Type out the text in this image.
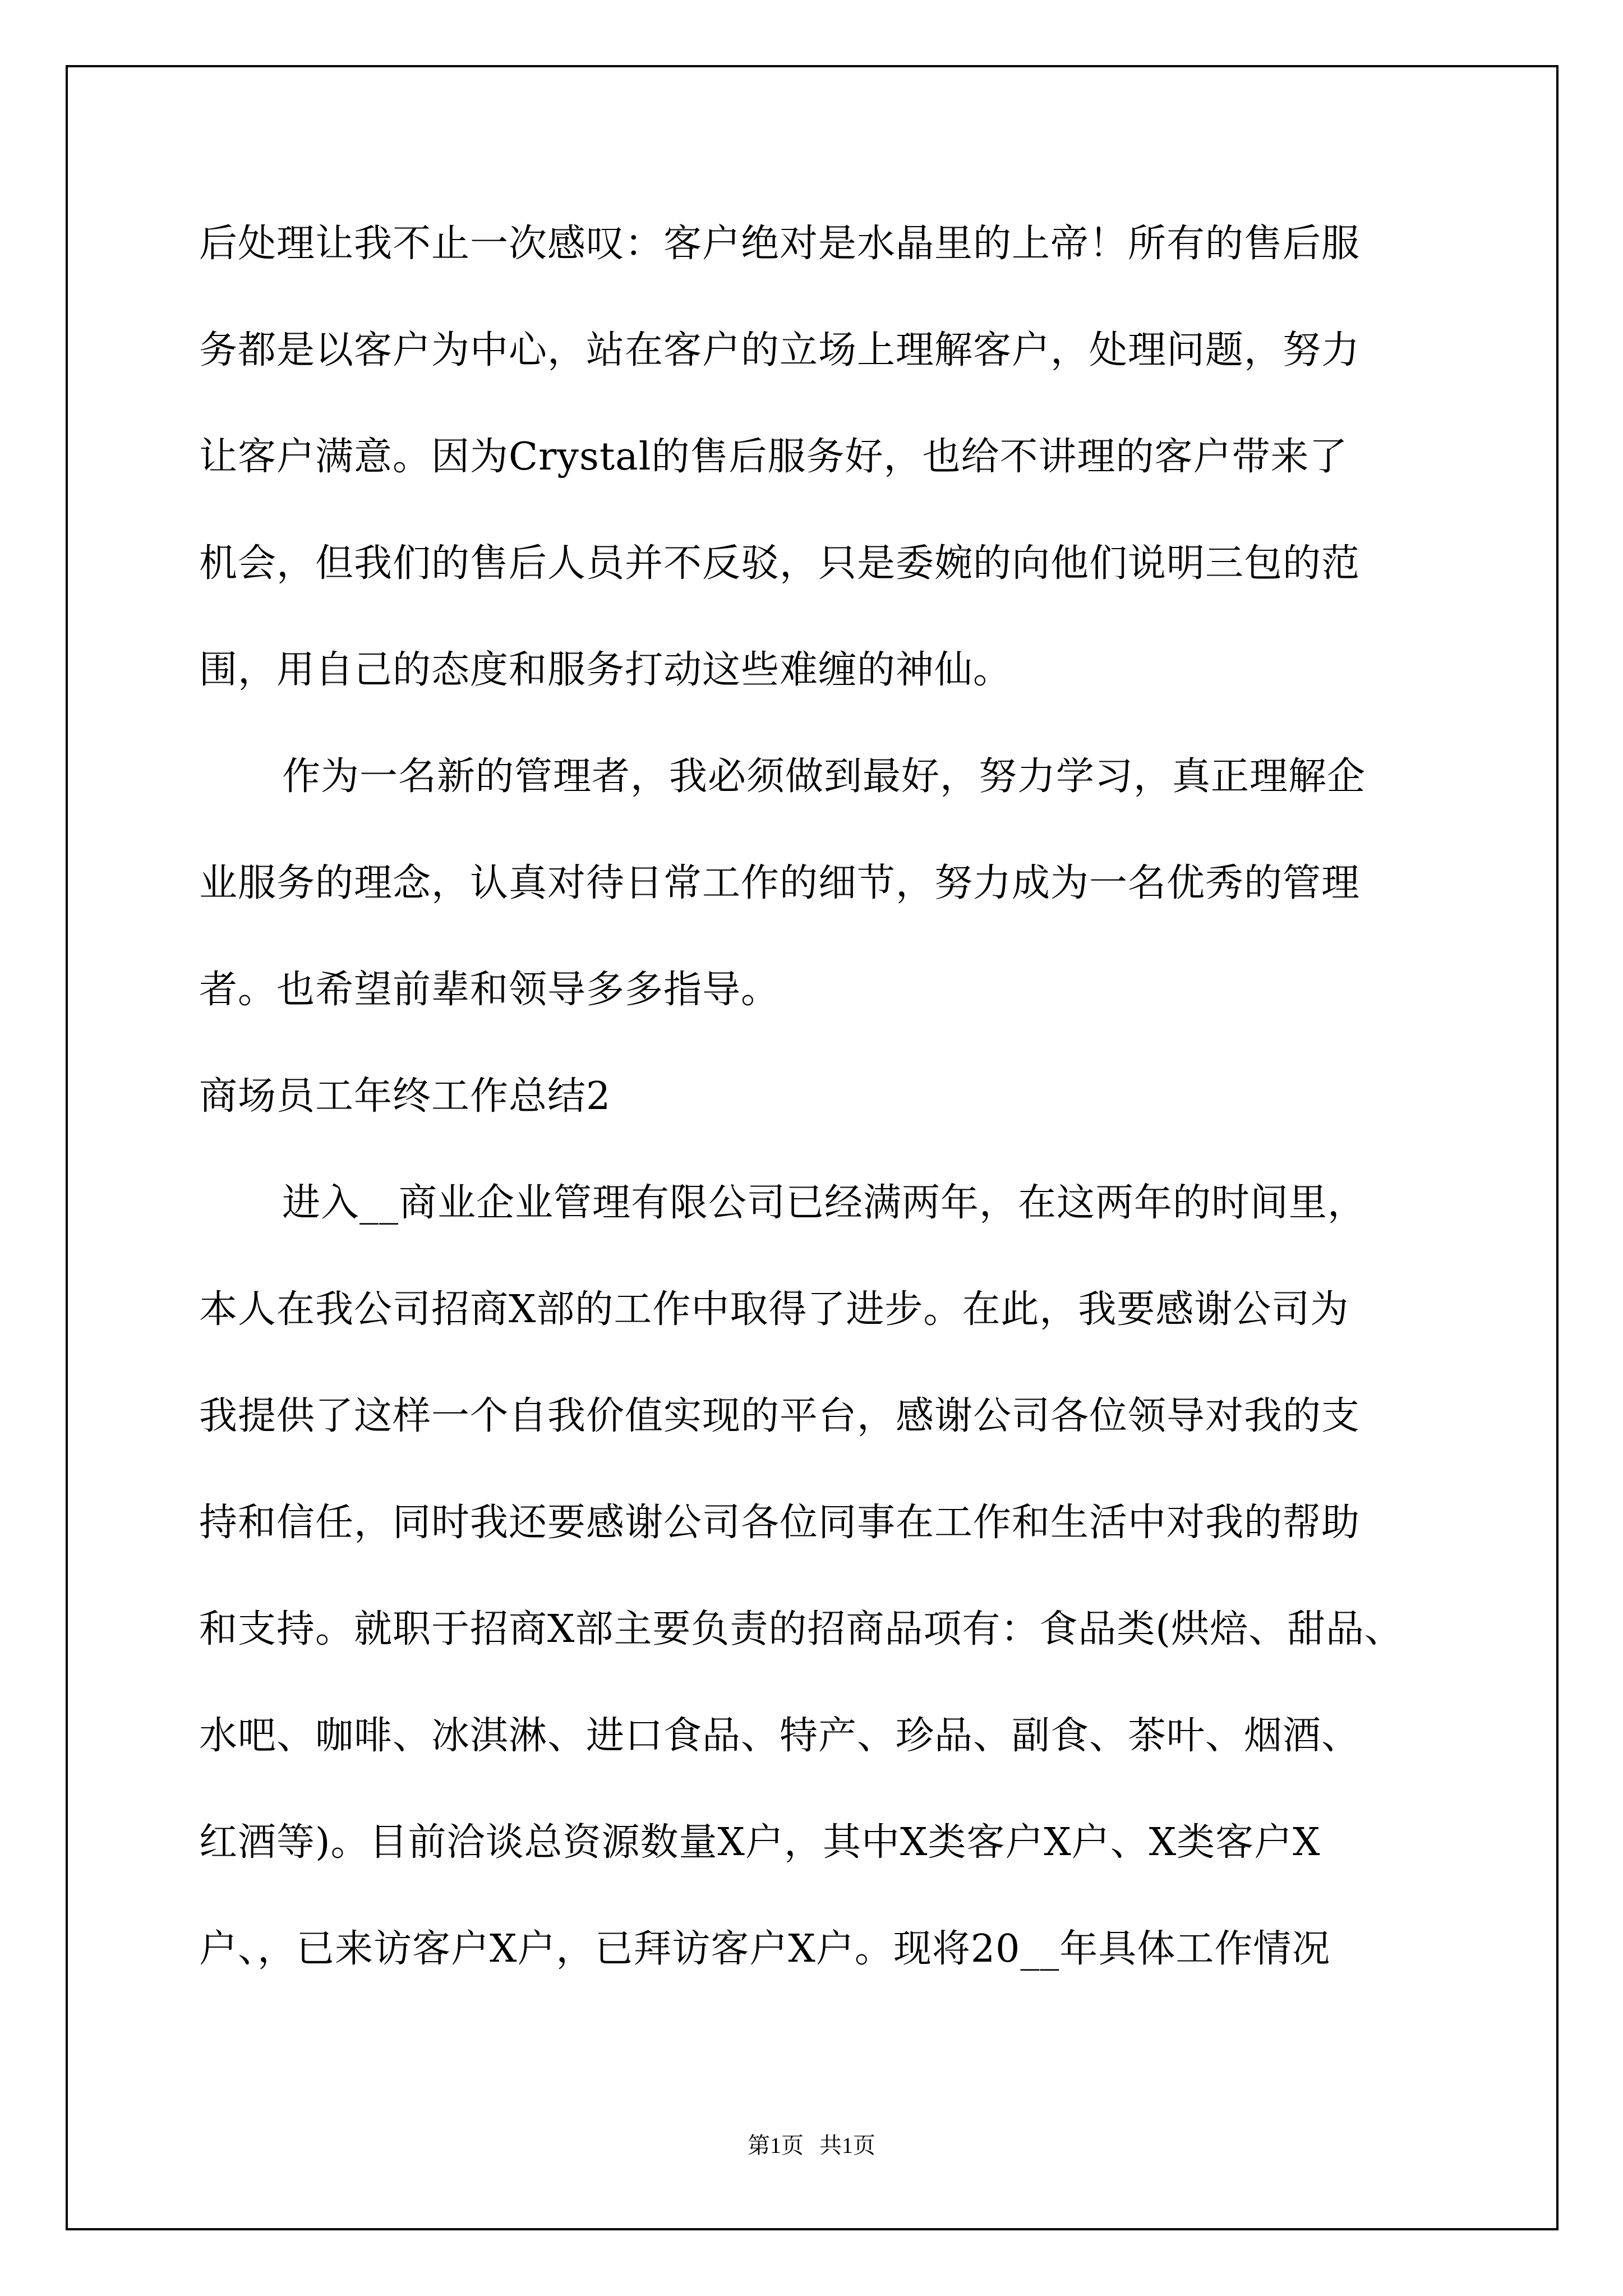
后处理让我不止一次感叹：客户绝对是水晶里的上帝！所有的售后服
务都是以客户为中心，站在客户的立场上理解客户，处理问题，努力
让客户满意。因为Crystal的售后服务好，也给不讲理的客户带来了
机会，但我们的售后人员并不反驳，只是委婉的向他们说明三包的范
围，用自己的态度和服务打动这些难缠的神仙。
作为一名新的管理者，我必须做到最好，努力学习，真正理解企
业服务的理念，认真对待日常工作的细节，努力成为一名优秀的管理
者。也希望前辈和领导多多指导。
商场员工年终工作总结2
进入__商业企业管理有限公司已经满两年，在这两年的时间里，
本人在我公司招商X部的工作中取得了进步。在此，我要感谢公司为
我提供了这样一个自我价值实现的平台，感谢公司各位领导对我的支
持和信任，同时我还要感谢公司各位同事在工作和生活中对我的帮助
和支持。就职于招商X部主要负责的招商品项有：食品类(烘焙、甜品、
水吧、咖啡、冰淇淋、进口食品、特产、珍品、副食、茶叶、烟酒、
红酒等)。目前洽谈总资源数量X户，其中X类客户X户、X类客户X
户、，已来访客户X户，已拜访客户X户。现将20__年具体工作情况
第1页 共1页
